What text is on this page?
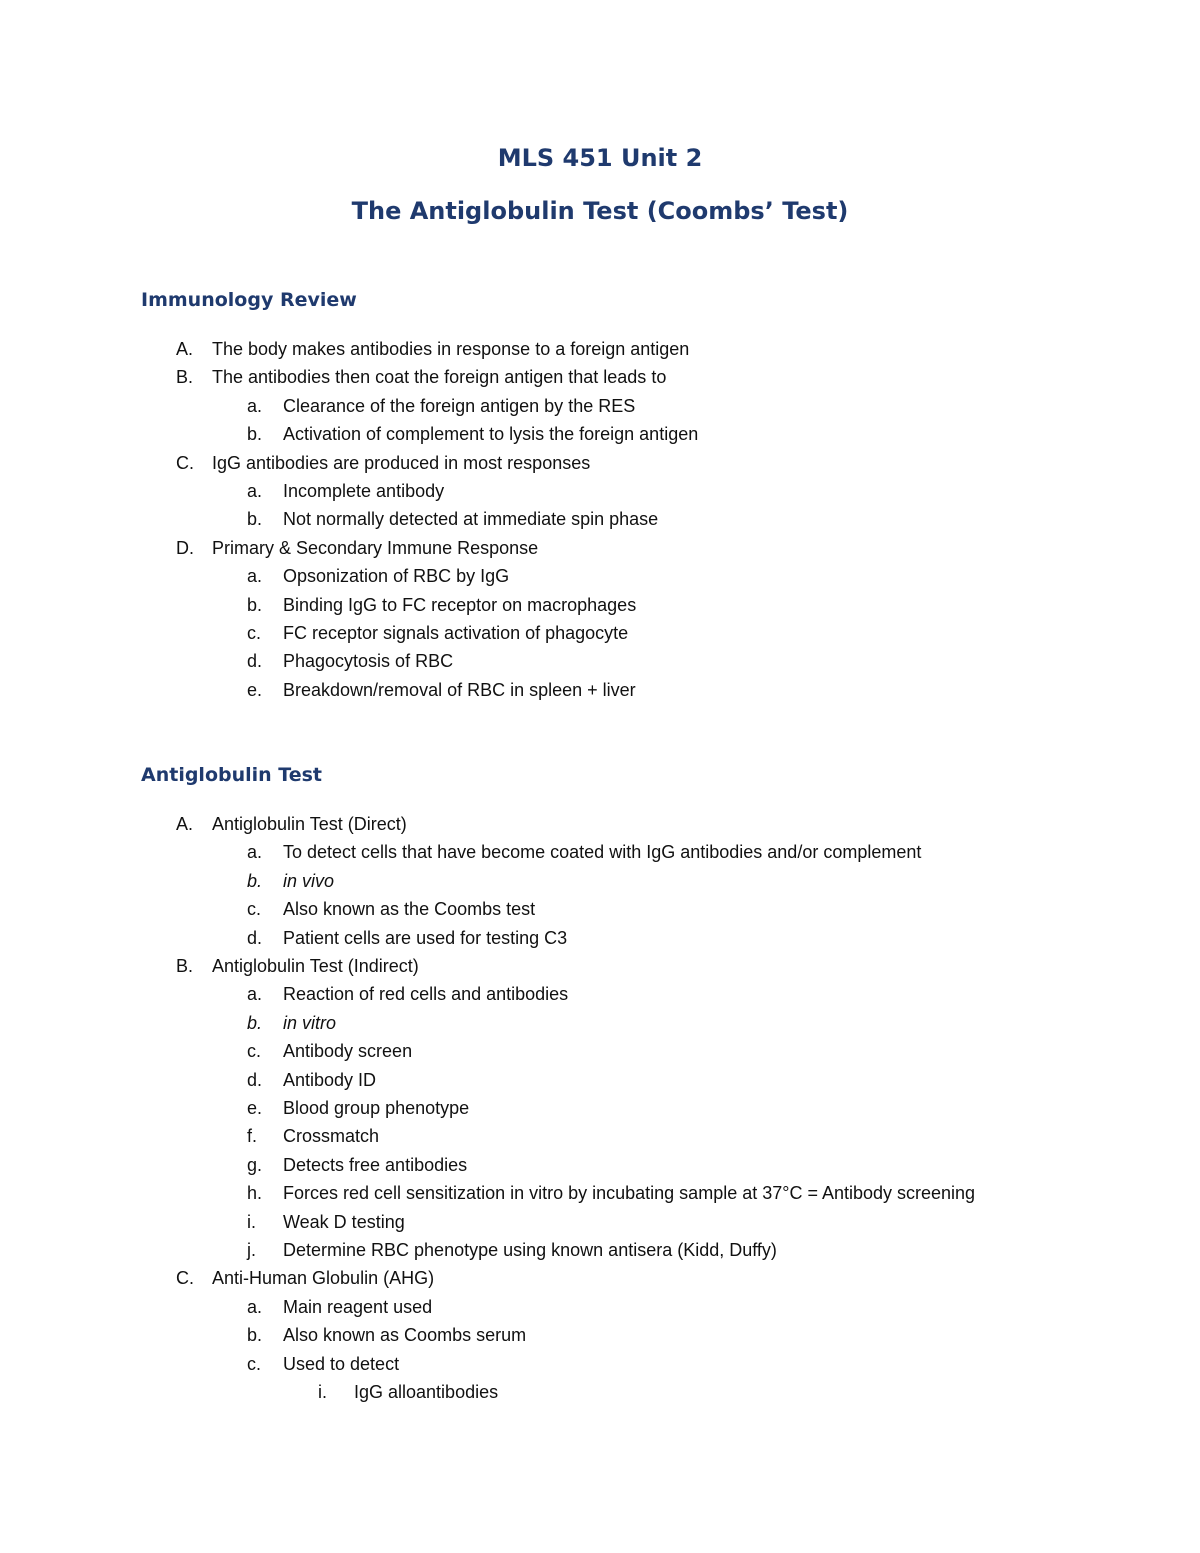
MLS 451 Unit 2
The Antiglobulin Test (Coombs’ Test)
Immunology Review
A. The body makes antibodies in response to a foreign antigen
B. The antibodies then coat the foreign antigen that leads to
a. Clearance of the foreign antigen by the RES
b. Activation of complement to lysis the foreign antigen
C. IgG antibodies are produced in most responses
a. Incomplete antibody
b. Not normally detected at immediate spin phase
D. Primary & Secondary Immune Response
a. Opsonization of RBC by IgG
b. Binding IgG to FC receptor on macrophages
c. FC receptor signals activation of phagocyte
d. Phagocytosis of RBC
e. Breakdown/removal of RBC in spleen + liver
Antiglobulin Test
A. Antiglobulin Test (Direct)
a. To detect cells that have become coated with IgG antibodies and/or complement
b. in vivo
c. Also known as the Coombs test
d. Patient cells are used for testing C3
B. Antiglobulin Test (Indirect)
a. Reaction of red cells and antibodies
b. in vitro
c. Antibody screen
d. Antibody ID
e. Blood group phenotype
f. Crossmatch
g. Detects free antibodies
h. Forces red cell sensitization in vitro by incubating sample at 37°C = Antibody screening
i. Weak D testing
j. Determine RBC phenotype using known antisera (Kidd, Duffy)
C. Anti-Human Globulin (AHG)
a. Main reagent used
b. Also known as Coombs serum
c. Used to detect
i. IgG alloantibodies
